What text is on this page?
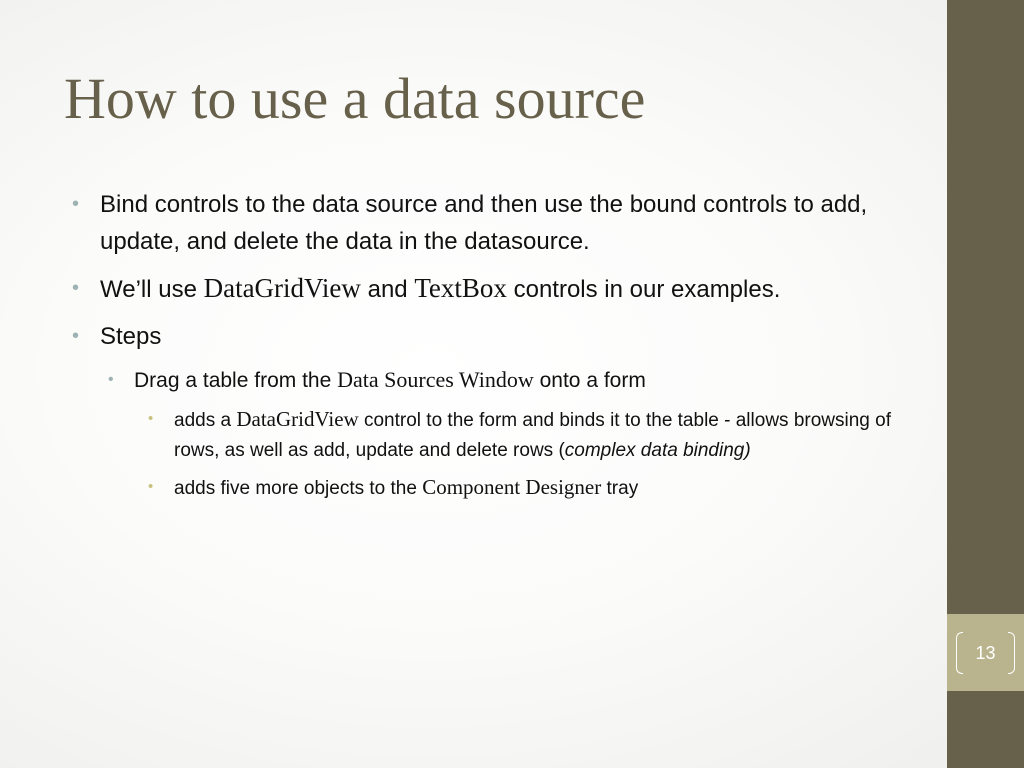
How to use a data source
• Bind controls to the data source and then use the bound controls to add, update, and delete the data in the datasource.
• We’ll use DataGridView and TextBox controls in our examples.
• Steps
• Drag a table from the Data Sources Window onto a form
• adds a DataGridView control to the form and binds it to the table - allows browsing of rows, as well as add, update and delete rows (complex data binding)
• adds five more objects to the Component Designer tray
13
